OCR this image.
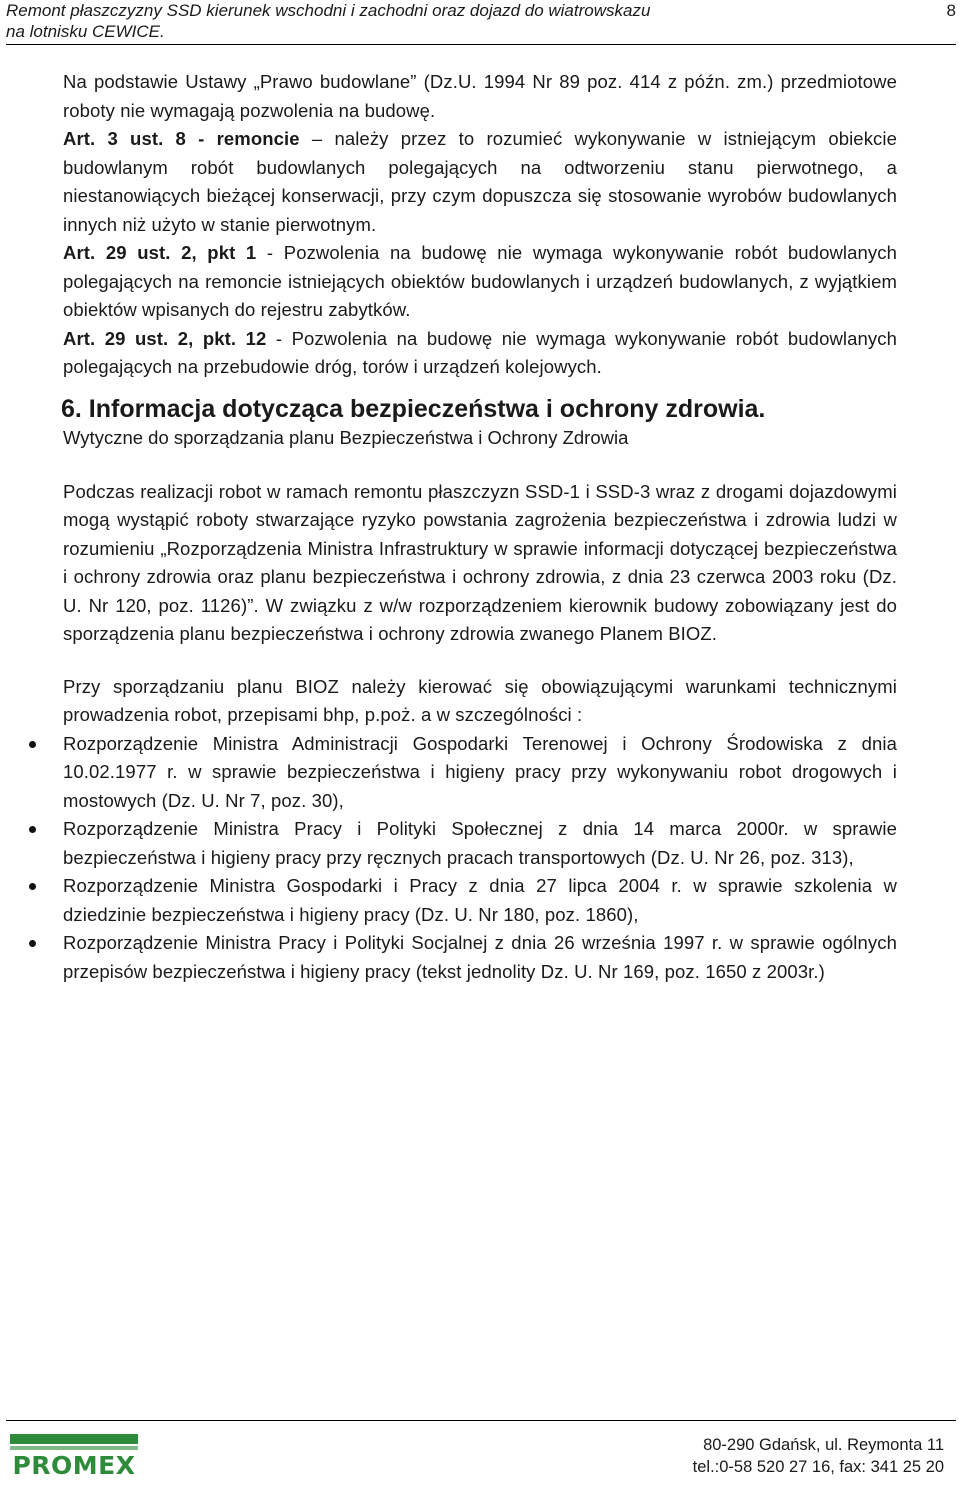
Remont płaszczyzny SSD kierunek wschodni i zachodni oraz dojazd do wiatrowskazu
na lotnisku CEWICE.
8

Na podstawie Ustawy „Prawo budowlane” (Dz.U. 1994 Nr 89 poz. 414 z późn. zm.) przedmiotowe roboty nie wymagają pozwolenia na budowę.

Art. 3 ust. 8 - remoncie – należy przez to rozumieć wykonywanie w istniejącym obiekcie budowlanym robót budowlanych polegających na odtworzeniu stanu pierwotnego, a niestanowiących bieżącej konserwacji, przy czym dopuszcza się stosowanie wyrobów budowlanych innych niż użyto w stanie pierwotnym.

Art. 29 ust. 2, pkt 1 - Pozwolenia na budowę nie wymaga wykonywanie robót budowlanych polegających na remoncie istniejących obiektów budowlanych i urządzeń budowlanych, z wyjątkiem obiektów wpisanych do rejestru zabytków.

Art. 29 ust. 2, pkt. 12 - Pozwolenia na budowę nie wymaga wykonywanie robót budowlanych polegających na przebudowie dróg, torów i urządzeń kolejowych.

6. Informacja dotycząca bezpieczeństwa i ochrony zdrowia.

Wytyczne do sporządzania planu Bezpieczeństwa i Ochrony Zdrowia

Podczas realizacji robot w ramach remontu płaszczyzn SSD-1 i SSD-3 wraz z drogami dojazdowymi mogą wystąpić roboty stwarzające ryzyko powstania zagrożenia bezpieczeństwa i zdrowia ludzi w rozumieniu „Rozporządzenia Ministra Infrastruktury w sprawie informacji dotyczącej bezpieczeństwa i ochrony zdrowia oraz planu bezpieczeństwa i ochrony zdrowia, z dnia 23 czerwca 2003 roku (Dz. U. Nr 120, poz. 1126)”. W związku z w/w rozporządzeniem kierownik budowy zobowiązany jest do sporządzenia planu bezpieczeństwa i ochrony zdrowia zwanego Planem BIOZ.

Przy sporządzaniu planu BIOZ należy kierować się obowiązującymi warunkami technicznymi prowadzenia robot, przepisami bhp, p.poż. a w szczególności :

Rozporządzenie Ministra Administracji Gospodarki Terenowej i Ochrony Środowiska z dnia 10.02.1977 r. w sprawie bezpieczeństwa i higieny pracy przy wykonywaniu robot drogowych i mostowych (Dz. U. Nr 7, poz. 30),
Rozporządzenie Ministra Pracy i Polityki Społecznej z dnia 14 marca 2000r. w sprawie bezpieczeństwa i higieny pracy przy ręcznych pracach transportowych (Dz. U. Nr 26, poz. 313),
Rozporządzenie Ministra Gospodarki i Pracy z dnia 27 lipca 2004 r. w sprawie szkolenia w dziedzinie bezpieczeństwa i higieny pracy (Dz. U. Nr 180, poz. 1860),
Rozporządzenie Ministra Pracy i Polityki Socjalnej z dnia 26 września 1997 r. w sprawie ogólnych przepisów bezpieczeństwa i higieny pracy (tekst jednolity Dz. U. Nr 169, poz. 1650 z 2003r.)
PROMEX
80-290 Gdańsk, ul. Reymonta 11
tel.:0-58 520 27 16, fax: 341 25 20
